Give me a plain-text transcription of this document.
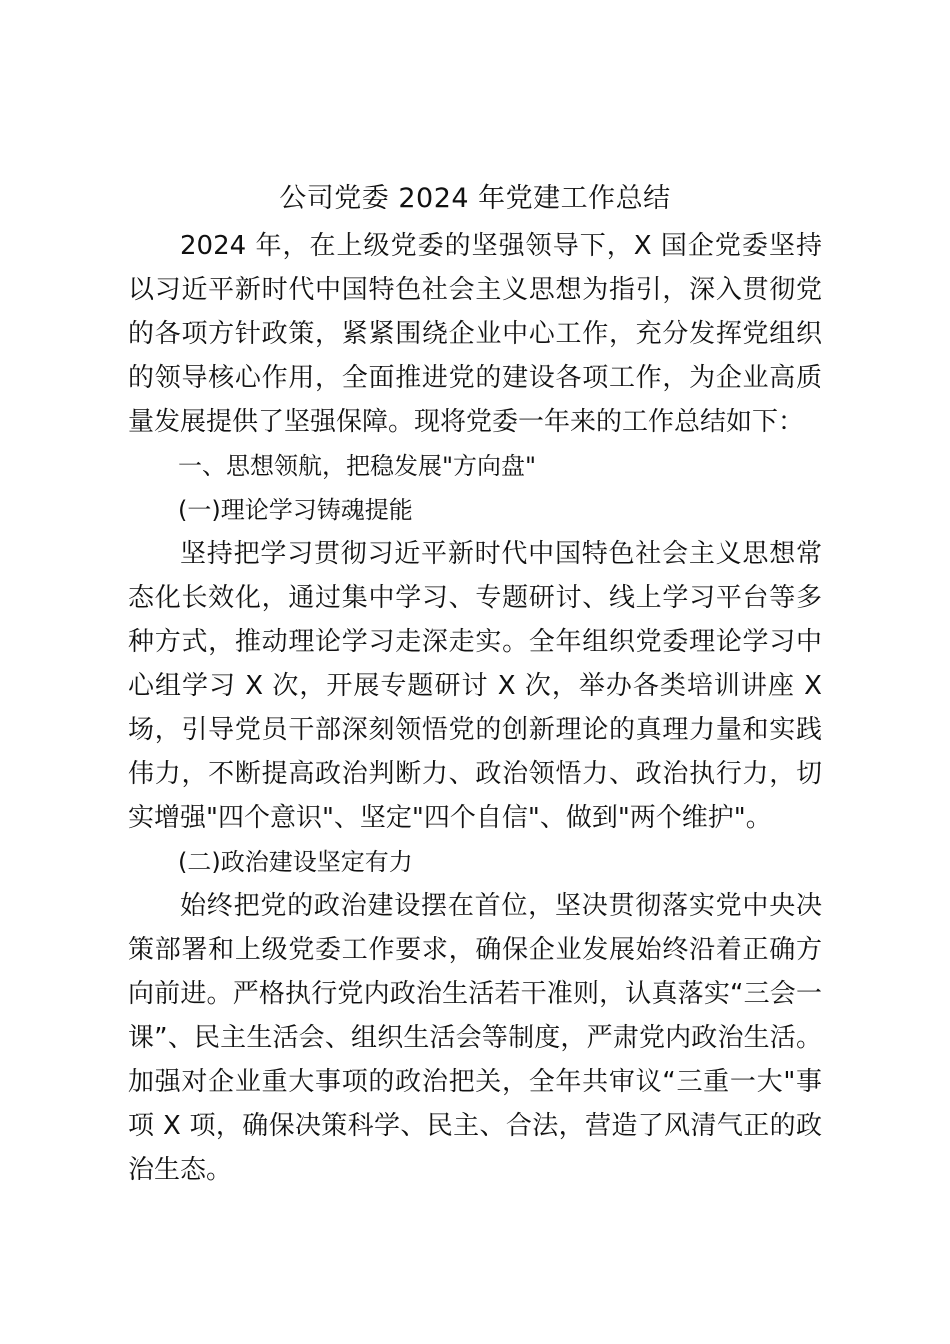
公司党委 2024 年党建工作总结

2024 年，在上级党委的坚强领导下，X 国企党委坚持以习近平新时代中国特色社会主义思想为指引，深入贯彻党的各项方针政策，紧紧围绕企业中心工作，充分发挥党组织的领导核心作用，全面推进党的建设各项工作，为企业高质量发展提供了坚强保障。现将党委一年来的工作总结如下：

一、思想领航，把稳发展"方向盘"

(一)理论学习铸魂提能

坚持把学习贯彻习近平新时代中国特色社会主义思想常态化长效化，通过集中学习、专题研讨、线上学习平台等多种方式，推动理论学习走深走实。全年组织党委理论学习中心组学习 X 次，开展专题研讨 X 次，举办各类培训讲座 X 场，引导党员干部深刻领悟党的创新理论的真理力量和实践伟力，不断提高政治判断力、政治领悟力、政治执行力，切实增强"四个意识"、坚定"四个自信"、做到"两个维护"。

(二)政治建设坚定有力

始终把党的政治建设摆在首位，坚决贯彻落实党中央决策部署和上级党委工作要求，确保企业发展始终沿着正确方向前进。严格执行党内政治生活若干准则，认真落实“三会一课”、民主生活会、组织生活会等制度，严肃党内政治生活。加强对企业重大事项的政治把关，全年共审议“三重一大"事项 X 项，确保决策科学、民主、合法，营造了风清气正的政治生态。
